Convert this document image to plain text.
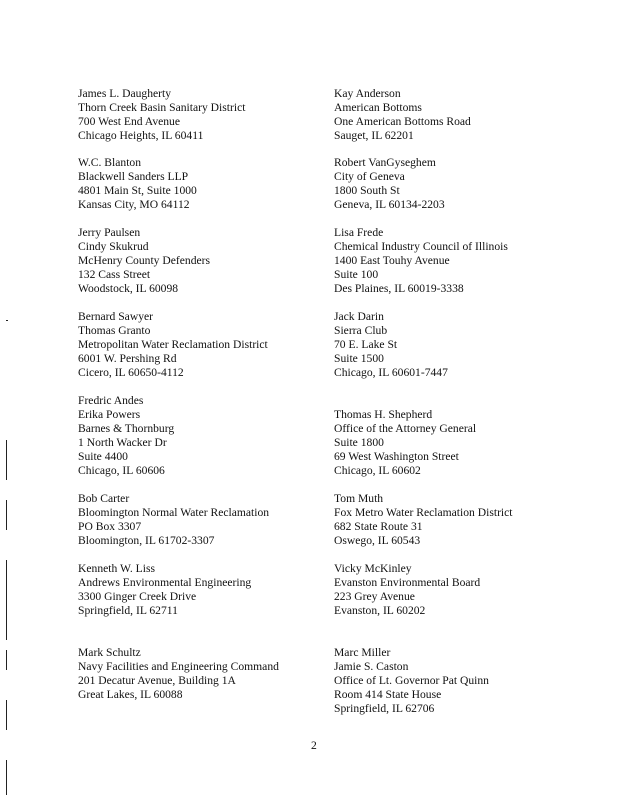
James L. Daugherty
Thorn Creek Basin Sanitary District
700 West End Avenue
Chicago Heights, IL 60411
W.C. Blanton
Blackwell Sanders LLP
4801 Main St, Suite 1000
Kansas City, MO 64112
Jerry Paulsen
Cindy Skukrud
McHenry County Defenders
132 Cass Street
Woodstock, IL 60098
Bernard Sawyer
Thomas Granto
Metropolitan Water Reclamation District
6001 W. Pershing Rd
Cicero, IL 60650-4112
Fredric Andes
Erika Powers
Barnes & Thornburg
1 North Wacker Dr
Suite 4400
Chicago, IL 60606
Bob Carter
Bloomington Normal Water Reclamation
PO Box 3307
Bloomington, IL 61702-3307
Kenneth W. Liss
Andrews Environmental Engineering
3300 Ginger Creek Drive
Springfield, IL 62711
Mark Schultz
Navy Facilities and Engineering Command
201 Decatur Avenue, Building 1A
Great Lakes, IL 60088
Kay Anderson
American Bottoms
One American Bottoms Road
Sauget, IL 62201
Robert VanGyseghem
City of Geneva
1800 South St
Geneva, IL 60134-2203
Lisa Frede
Chemical Industry Council of Illinois
1400 East Touhy Avenue
Suite 100
Des Plaines, IL 60019-3338
Jack Darin
Sierra Club
70 E. Lake St
Suite 1500
Chicago, IL 60601-7447
Thomas H. Shepherd
Office of the Attorney General
Suite 1800
69 West Washington Street
Chicago, IL 60602
Tom Muth
Fox Metro Water Reclamation District
682 State Route 31
Oswego, IL 60543
Vicky McKinley
Evanston Environmental Board
223 Grey Avenue
Evanston, IL 60202
Marc Miller
Jamie S. Caston
Office of Lt. Governor Pat Quinn
Room 414 State House
Springfield, IL 62706
2
